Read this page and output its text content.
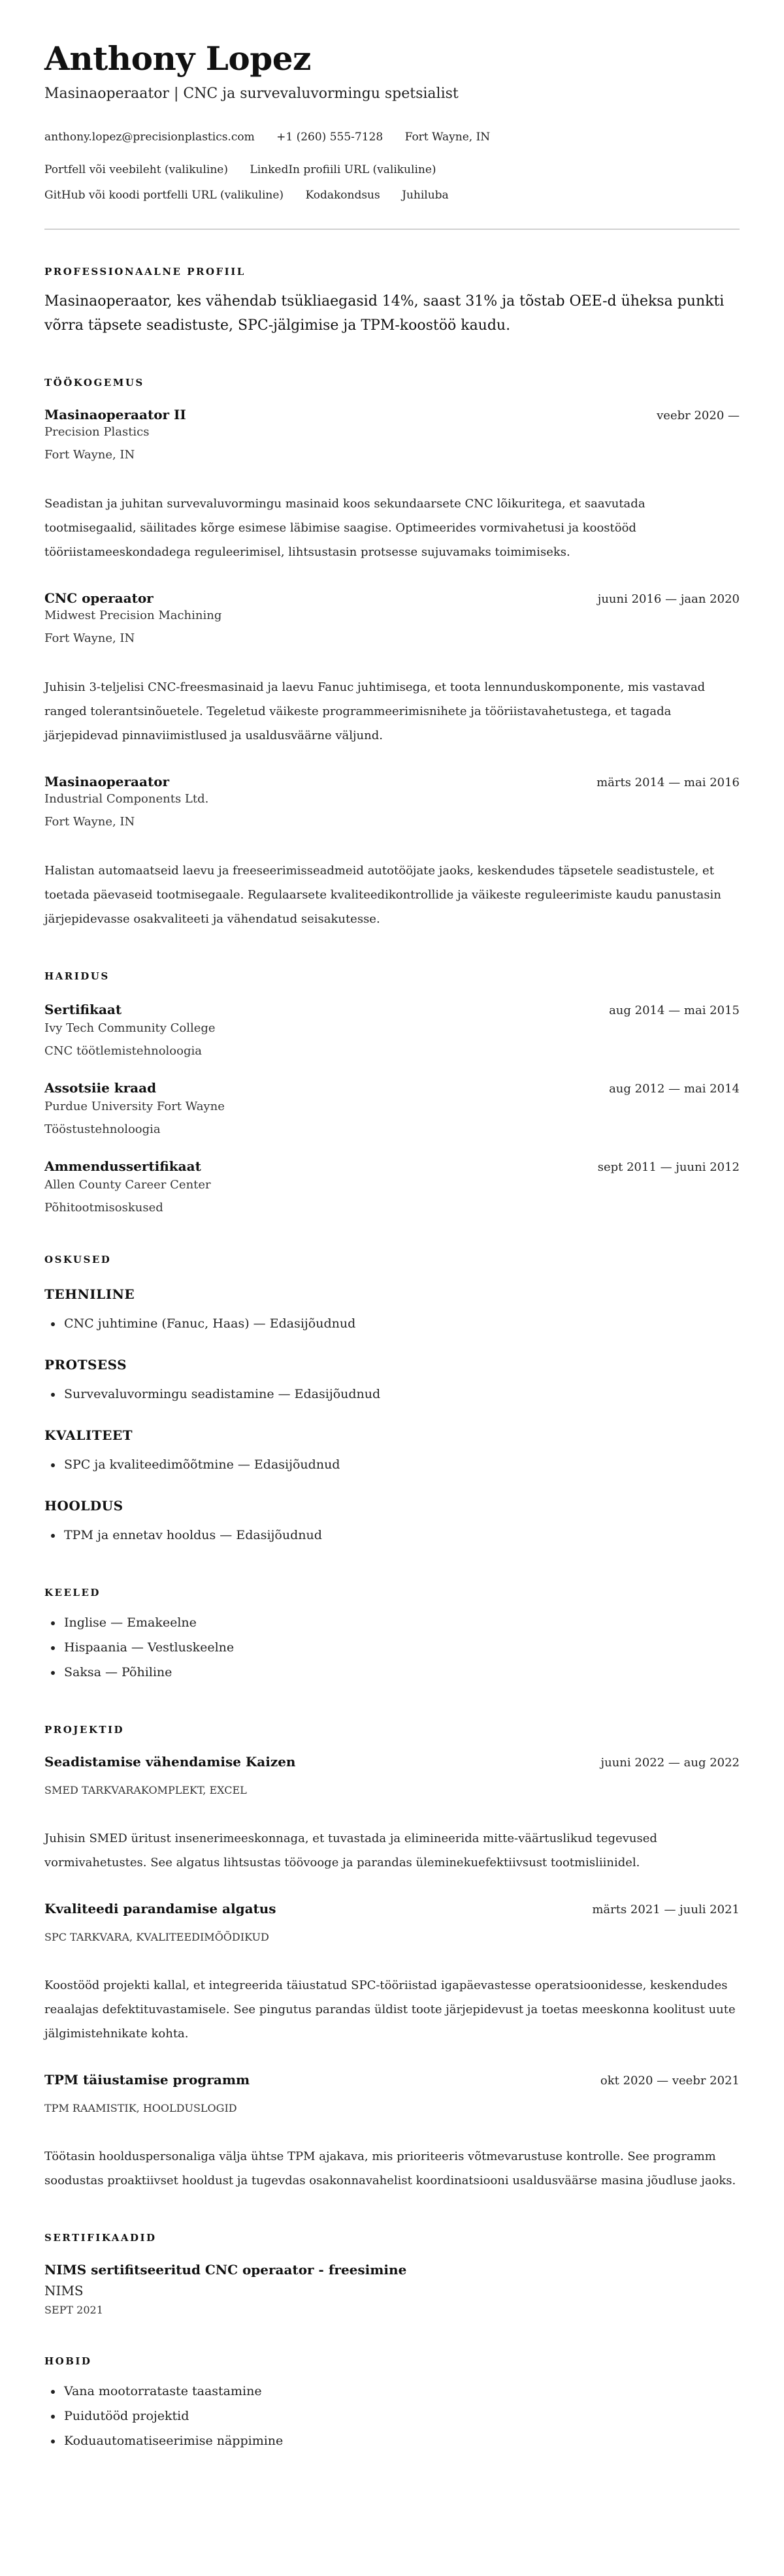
Anthony Lopez
Masinaoperaator | CNC ja survevaluvormingu spetsialist
anthony.lopez@precisionplastics.com +1 (260) 555-7128 Fort Wayne, IN
Portfell või veebileht (valikuline) LinkedIn profiili URL (valikuline)
GitHub või koodi portfelli URL (valikuline) Kodakondsus Juhiluba
PROFESSIONAALNE PROFIIL

Masinaoperaator, kes vähendab tsükliaegasid 14%, saast 31% ja tõstab OEE-d üheksa punkti võrra täpsete seadistuste, SPC-jälgimise ja TPM-koostöö kaudu.

TÖÖKOGEMUS
Masinaoperaator II	veebr 2020 —
Precision Plastics
Fort Wayne, IN
Seadistan ja juhitan survevaluvormingu masinaid koos sekundaarsete CNC lõikuritega, et saavutada tootmisegaalid, säilitades kõrge esimese läbimise saagise. Optimeerides vormivahetusi ja koostööd tööriistameeskondadega reguleerimisel, lihtsustasin protsesse sujuvamaks toimimiseks.
CNC operaator	juuni 2016 — jaan 2020
Midwest Precision Machining
Fort Wayne, IN
Juhisin 3-teljelisi CNC-freesmasinaid ja laevu Fanuc juhtimisega, et toota lennunduskomponente, mis vastavad ranged tolerantsinõuetele. Tegeletud väikeste programmeerimisnihete ja tööriistavahetustega, et tagada järjepidevad pinnaviimistlused ja usaldusväärne väljund.
Masinaoperaator	märts 2014 — mai 2016
Industrial Components Ltd.
Fort Wayne, IN
Halistan automaatseid laevu ja freeseerimisseadmeid autotööjate jaoks, keskendudes täpsetele seadistustele, et toetada päevaseid tootmisegaale. Regulaarsete kvaliteedikontrollide ja väikeste reguleerimiste kaudu panustasin järjepidevasse osakvaliteeti ja vähendatud seisakutesse.
HARIDUS
Sertifikaat	aug 2014 — mai 2015
Ivy Tech Community College
CNC töötlemistehnoloogia
Assotsiie kraad	aug 2012 — mai 2014
Purdue University Fort Wayne
Tööstustehnoloogia
Ammendussertifikaat	sept 2011 — juuni 2012
Allen County Career Center
Põhitootmisoskused
OSKUSED
TEHNILINE
• CNC juhtimine (Fanuc, Haas) — Edasijõudnud
PROTSESS
• Survevaluvormingu seadistamine — Edasijõudnud
KVALITEET
• SPC ja kvaliteedimõõtmine — Edasijõudnud
HOOLDUS
• TPM ja ennetav hooldus — Edasijõudnud
KEELED
• Inglise — Emakeelne
• Hispaania — Vestluskeelne
• Saksa — Põhiline
PROJEKTID
Seadistamise vähendamise Kaizen	juuni 2022 — aug 2022
SMED TARKVARAKOMPLEKT, EXCEL
Juhisin SMED üritust insenerimeeskonnaga, et tuvastada ja elimineerida mitte-väärtuslikud tegevused vormivahetustes. See algatus lihtsustas töövooge ja parandas üleminekuefektiivsust tootmisliinidel.
Kvaliteedi parandamise algatus	märts 2021 — juuli 2021
SPC TARKVARA, KVALITEEDIMÕÕDIKUD
Koostööd projekti kallal, et integreerida täiustatud SPC-tööriistad igapäevastesse operatsioonidesse, keskendudes reaalajas defektituvastamisele. See pingutus parandas üldist toote järjepidevust ja toetas meeskonna koolitust uute jälgimistehnikate kohta.
TPM täiustamise programm	okt 2020 — veebr 2021
TPM RAAMISTIK, HOOLDUSLOGID
Töötasin hoolduspersonaliga välja ühtse TPM ajakava, mis prioriteeris võtmevarustuse kontrolle. See programm soodustas proaktiivset hooldust ja tugevdas osakonnavahelist koordinatsiooni usaldusväärse masina jõudluse jaoks.
SERTIFIKAADID
NIMS sertifitseeritud CNC operaator - freesimine
NIMS
SEPT 2021
HOBID
• Vana mootorrataste taastamine
• Puidutööd projektid
• Koduautomatiseerimise näppimine
